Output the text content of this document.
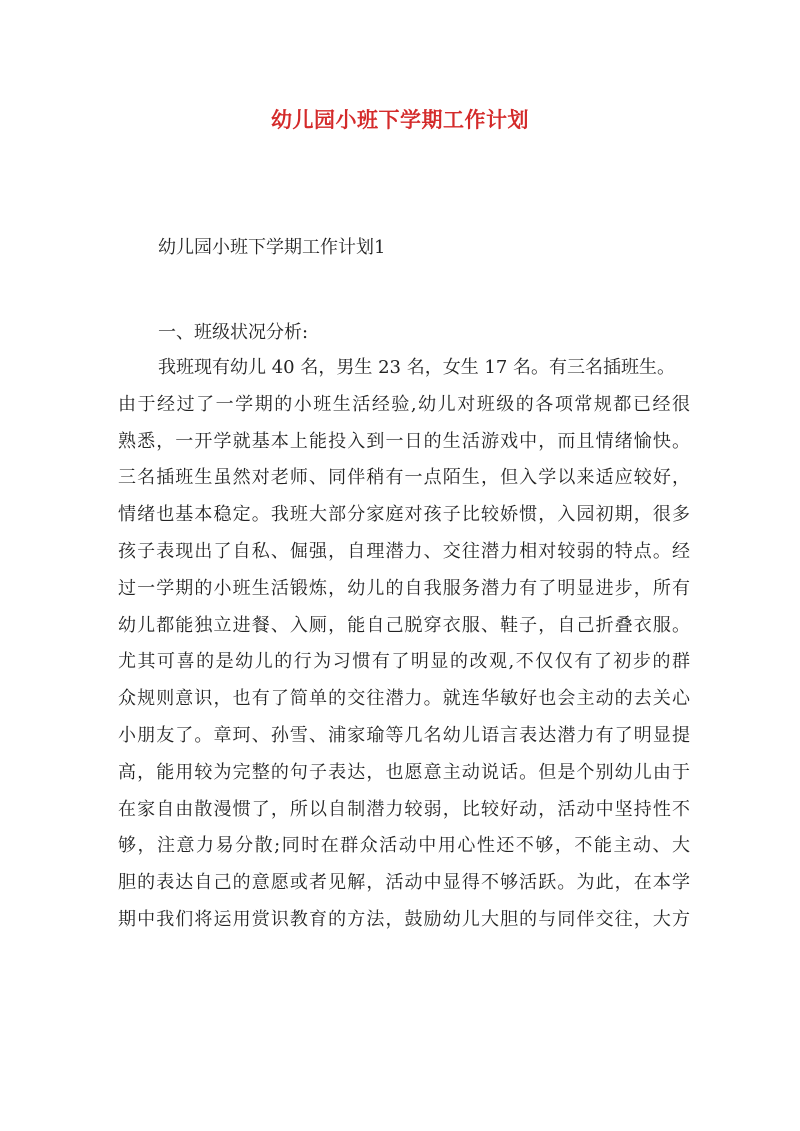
幼儿园小班下学期工作计划
幼儿园小班下学期工作计划1
一、班级状况分析:
我班现有幼儿 40 名，男生 23 名，女生 17 名。有三名插班生。
由于经过了一学期的小班生活经验,幼儿对班级的各项常规都已经很
熟悉，一开学就基本上能投入到一日的生活游戏中，而且情绪愉快。
三名插班生虽然对老师、同伴稍有一点陌生，但入学以来适应较好，
情绪也基本稳定。我班大部分家庭对孩子比较娇惯，入园初期，很多
孩子表现出了自私、倔强，自理潜力、交往潜力相对较弱的特点。经
过一学期的小班生活锻炼，幼儿的自我服务潜力有了明显进步，所有
幼儿都能独立进餐、入厕，能自己脱穿衣服、鞋子，自己折叠衣服。
尤其可喜的是幼儿的行为习惯有了明显的改观,不仅仅有了初步的群
众规则意识，也有了简单的交往潜力。就连华敏好也会主动的去关心
小朋友了。章珂、孙雪、浦家瑜等几名幼儿语言表达潜力有了明显提
高，能用较为完整的句子表达，也愿意主动说话。但是个别幼儿由于
在家自由散漫惯了，所以自制潜力较弱，比较好动，活动中坚持性不
够，注意力易分散;同时在群众活动中用心性还不够，不能主动、大
胆的表达自己的意愿或者见解，活动中显得不够活跃。为此，在本学
期中我们将运用赏识教育的方法，鼓励幼儿大胆的与同伴交往，大方
